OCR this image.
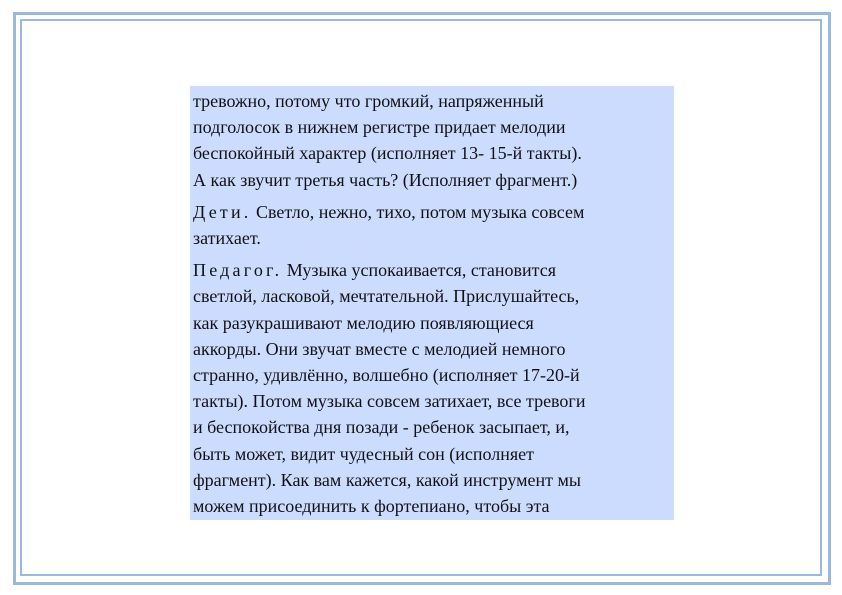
тревожно, потому что громкий, напряженный
подголосок в нижнем регистре придает мелодии
беспокойный характер (исполняет 13- 15-й такты).
А как звучит третья часть? (Исполняет фрагмент.)

Дети. Светло, нежно, тихо, потом музыка совсем
затихает.

Педагог. Музыка успокаивается, становится
светлой, ласковой, мечтательной. Прислушайтесь,
как разукрашивают мелодию появляющиеся
аккорды. Они звучат вместе с мелодией немного
странно, удивлённо, волшебно (исполняет 17-20-й
такты). Потом музыка совсем затихает, все тревоги
и беспокойства дня позади - ребенок засыпает, и,
быть может, видит чудесный сон (исполняет
фрагмент). Как вам кажется, какой инструмент мы
можем присоединить к фортепиано, чтобы эта
